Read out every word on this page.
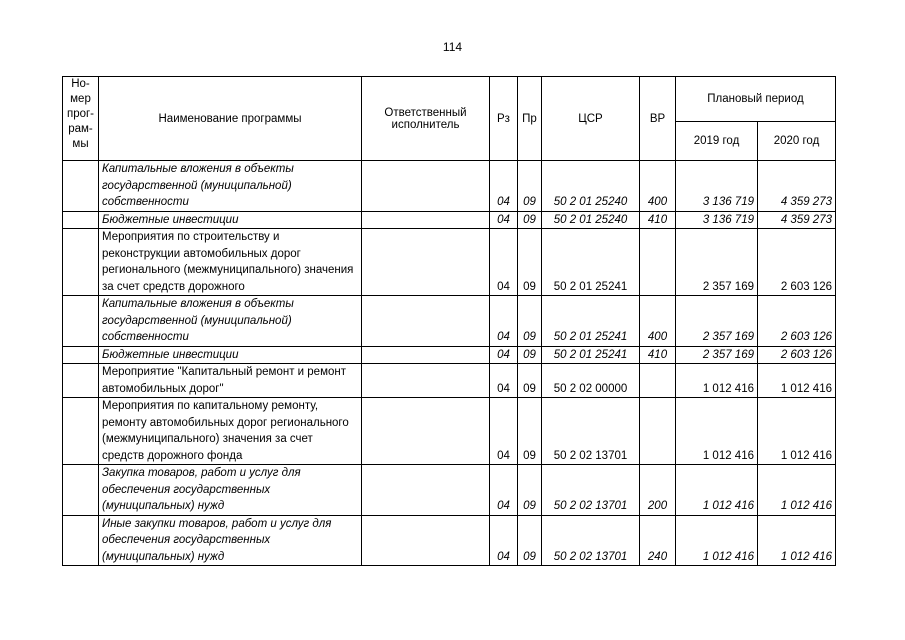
114
Но-
мер
прог-
рам-
мы	Наименование программы	Ответственный исполнитель	Рз	Пр	ЦСР	ВР	Плановый период	
							2019 год	2020 год
	Капитальные вложения в объекты государственной (муниципальной) собственности		04	09	50 2 01 25240	400	3 136 719	4 359 273
	Бюджетные инвестиции		04	09	50 2 01 25240	410	3 136 719	4 359 273
	Мероприятия по строительству и реконструкции автомобильных дорог регионального (межмуниципального) значения за счет средств дорожного		04	09	50 2 01 25241		2 357 169	2 603 126
	Капитальные вложения в объекты государственной (муниципальной) собственности		04	09	50 2 01 25241	400	2 357 169	2 603 126
	Бюджетные инвестиции		04	09	50 2 01 25241	410	2 357 169	2 603 126
	Мероприятие "Капитальный ремонт и ремонт автомобильных дорог"		04	09	50 2 02 00000		1 012 416	1 012 416
	Мероприятия по капитальному ремонту, ремонту автомобильных дорог регионального (межмуниципального) значения за счет средств дорожного фонда		04	09	50 2 02 13701		1 012 416	1 012 416
	Закупка товаров, работ и услуг для обеспечения государственных (муниципальных) нужд		04	09	50 2 02 13701	200	1 012 416	1 012 416
	Иные закупки товаров, работ и услуг для обеспечения государственных (муниципальных) нужд		04	09	50 2 02 13701	240	1 012 416	1 012 416
